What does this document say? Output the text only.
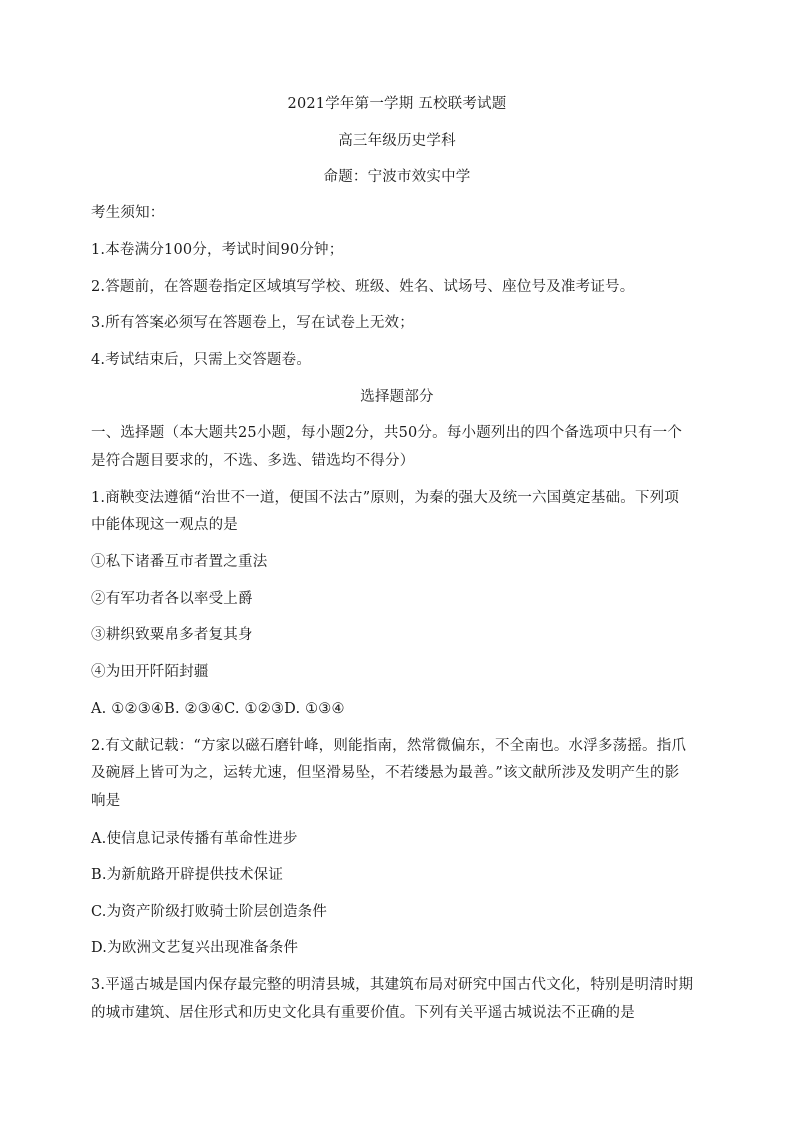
2021学年第一学期 五校联考试题
高三年级历史学科
命题：宁波市效实中学
考生须知：
1.本卷满分100分，考试时间90分钟；
2.答题前，在答题卷指定区域填写学校、班级、姓名、试场号、座位号及准考证号。
3.所有答案必须写在答题卷上，写在试卷上无效；
4.考试结束后，只需上交答题卷。
选择题部分
一、选择题（本大题共25小题，每小题2分，共50分。每小题列出的四个备选项中只有一个
是符合题目要求的，不选、多选、错选均不得分）
1.商鞅变法遵循“治世不一道，便国不法古”原则，为秦的强大及统一六国奠定基础。下列项
中能体现这一观点的是
①私下诸番互市者置之重法
②有军功者各以率受上爵
③耕织致粟帛多者复其身
④为田开阡陌封疆
A. ①②③④B. ②③④C. ①②③D. ①③④
2.有文献记载：“方家以磁石磨针峰，则能指南，然常微偏东，不全南也。水浮多荡摇。指爪
及碗唇上皆可为之，运转尤速，但坚滑易坠，不若缕悬为最善。”该文献所涉及发明产生的影
响是
A.使信息记录传播有革命性进步
B.为新航路开辟提供技术保证
C.为资产阶级打败骑士阶层创造条件
D.为欧洲文艺复兴出现准备条件
3.平遥古城是国内保存最完整的明清县城，其建筑布局对研究中国古代文化，特别是明清时期
的城市建筑、居住形式和历史文化具有重要价值。下列有关平遥古城说法不正确的是
